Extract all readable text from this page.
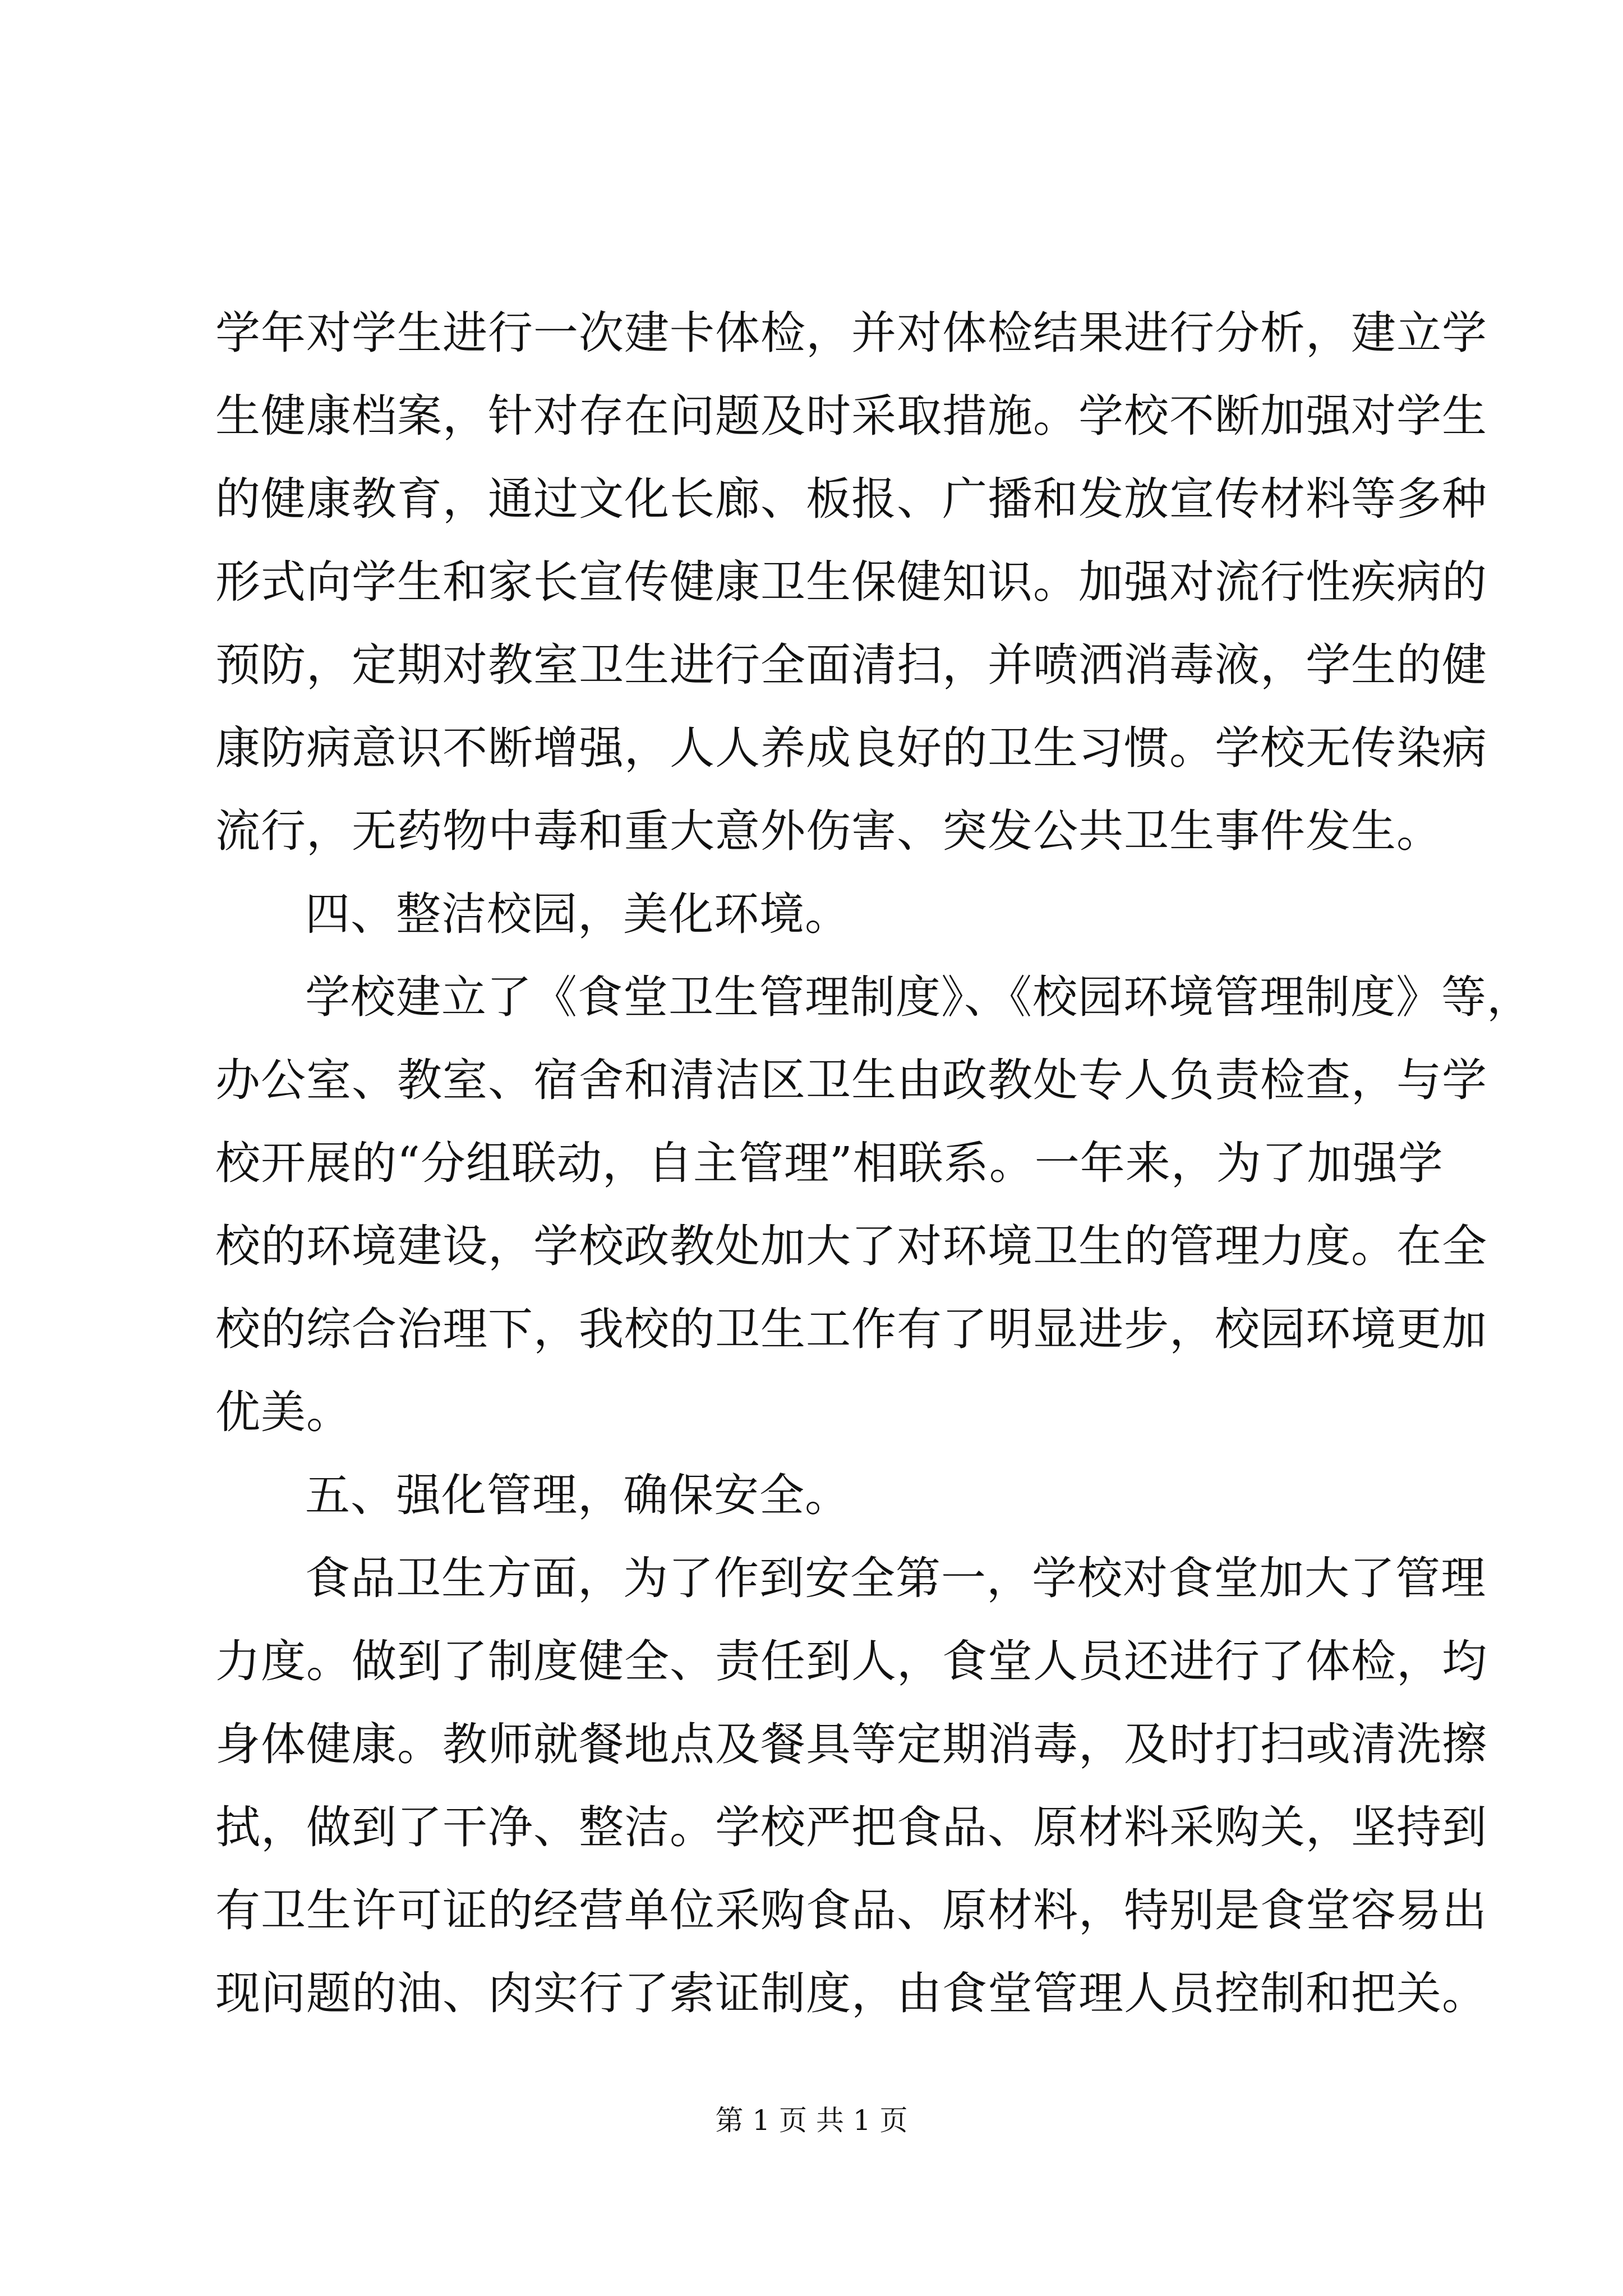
学年对学生进行一次建卡体检，并对体检结果进行分析，建立学
生健康档案，针对存在问题及时采取措施。学校不断加强对学生
的健康教育，通过文化长廊、板报、广播和发放宣传材料等多种
形式向学生和家长宣传健康卫生保健知识。加强对流行性疾病的
预防，定期对教室卫生进行全面清扫，并喷洒消毒液，学生的健
康防病意识不断增强，人人养成良好的卫生习惯。学校无传染病
流行，无药物中毒和重大意外伤害、突发公共卫生事件发生。
四、整洁校园，美化环境。
学校建立了《食堂卫生管理制度》、《校园环境管理制度》等，
办公室、教室、宿舍和清洁区卫生由政教处专人负责检查，与学
校开展的“分组联动，自主管理”相联系。一年来，为了加强学
校的环境建设，学校政教处加大了对环境卫生的管理力度。在全
校的综合治理下，我校的卫生工作有了明显进步，校园环境更加
优美。
五、强化管理，确保安全。
食品卫生方面，为了作到安全第一，学校对食堂加大了管理
力度。做到了制度健全、责任到人，食堂人员还进行了体检，均
身体健康。教师就餐地点及餐具等定期消毒，及时打扫或清洗擦
拭，做到了干净、整洁。学校严把食品、原材料采购关，坚持到
有卫生许可证的经营单位采购食品、原材料，特别是食堂容易出
现问题的油、肉实行了索证制度，由食堂管理人员控制和把关。
第 1 页 共 1 页
